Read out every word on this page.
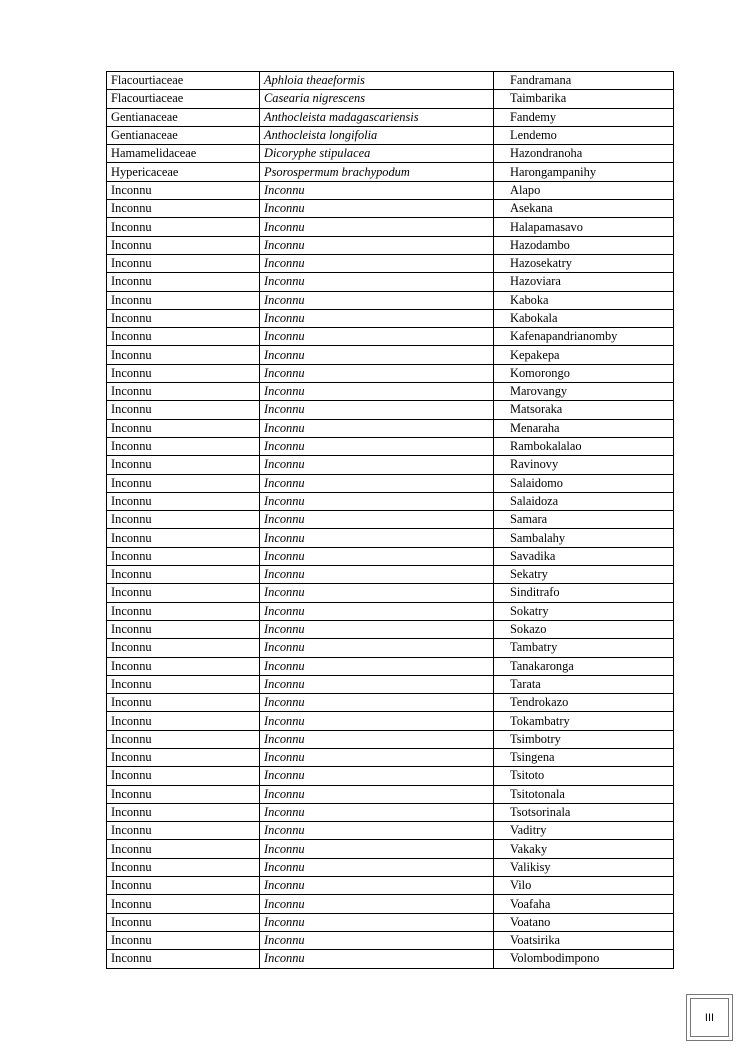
Flacourtiaceae	Aphloia theaeformis	Fandramana
Flacourtiaceae	Casearia nigrescens	Taimbarika
Gentianaceae	Anthocleista madagascariensis	Fandemy
Gentianaceae	Anthocleista longifolia	Lendemo
Hamamelidaceae	Dicoryphe stipulacea	Hazondranoha
Hypericaceae	Psorospermum brachypodum	Harongampanihy
Inconnu	Inconnu	Alapo
Inconnu	Inconnu	Asekana
Inconnu	Inconnu	Halapamasavo
Inconnu	Inconnu	Hazodambo
Inconnu	Inconnu	Hazosekatry
Inconnu	Inconnu	Hazoviara
Inconnu	Inconnu	Kaboka
Inconnu	Inconnu	Kabokala
Inconnu	Inconnu	Kafenapandrianomby
Inconnu	Inconnu	Kepakepa
Inconnu	Inconnu	Komorongo
Inconnu	Inconnu	Marovangy
Inconnu	Inconnu	Matsoraka
Inconnu	Inconnu	Menaraha
Inconnu	Inconnu	Rambokalalao
Inconnu	Inconnu	Ravinovy
Inconnu	Inconnu	Salaidomo
Inconnu	Inconnu	Salaidoza
Inconnu	Inconnu	Samara
Inconnu	Inconnu	Sambalahy
Inconnu	Inconnu	Savadika
Inconnu	Inconnu	Sekatry
Inconnu	Inconnu	Sinditrafo
Inconnu	Inconnu	Sokatry
Inconnu	Inconnu	Sokazo
Inconnu	Inconnu	Tambatry
Inconnu	Inconnu	Tanakaronga
Inconnu	Inconnu	Tarata
Inconnu	Inconnu	Tendrokazo
Inconnu	Inconnu	Tokambatry
Inconnu	Inconnu	Tsimbotry
Inconnu	Inconnu	Tsingena
Inconnu	Inconnu	Tsitoto
Inconnu	Inconnu	Tsitotonala
Inconnu	Inconnu	Tsotsorinala
Inconnu	Inconnu	Vaditry
Inconnu	Inconnu	Vakaky
Inconnu	Inconnu	Valikisy
Inconnu	Inconnu	Vilo
Inconnu	Inconnu	Voafaha
Inconnu	Inconnu	Voatano
Inconnu	Inconnu	Voatsirika
Inconnu	Inconnu	Volombodimpono
III
